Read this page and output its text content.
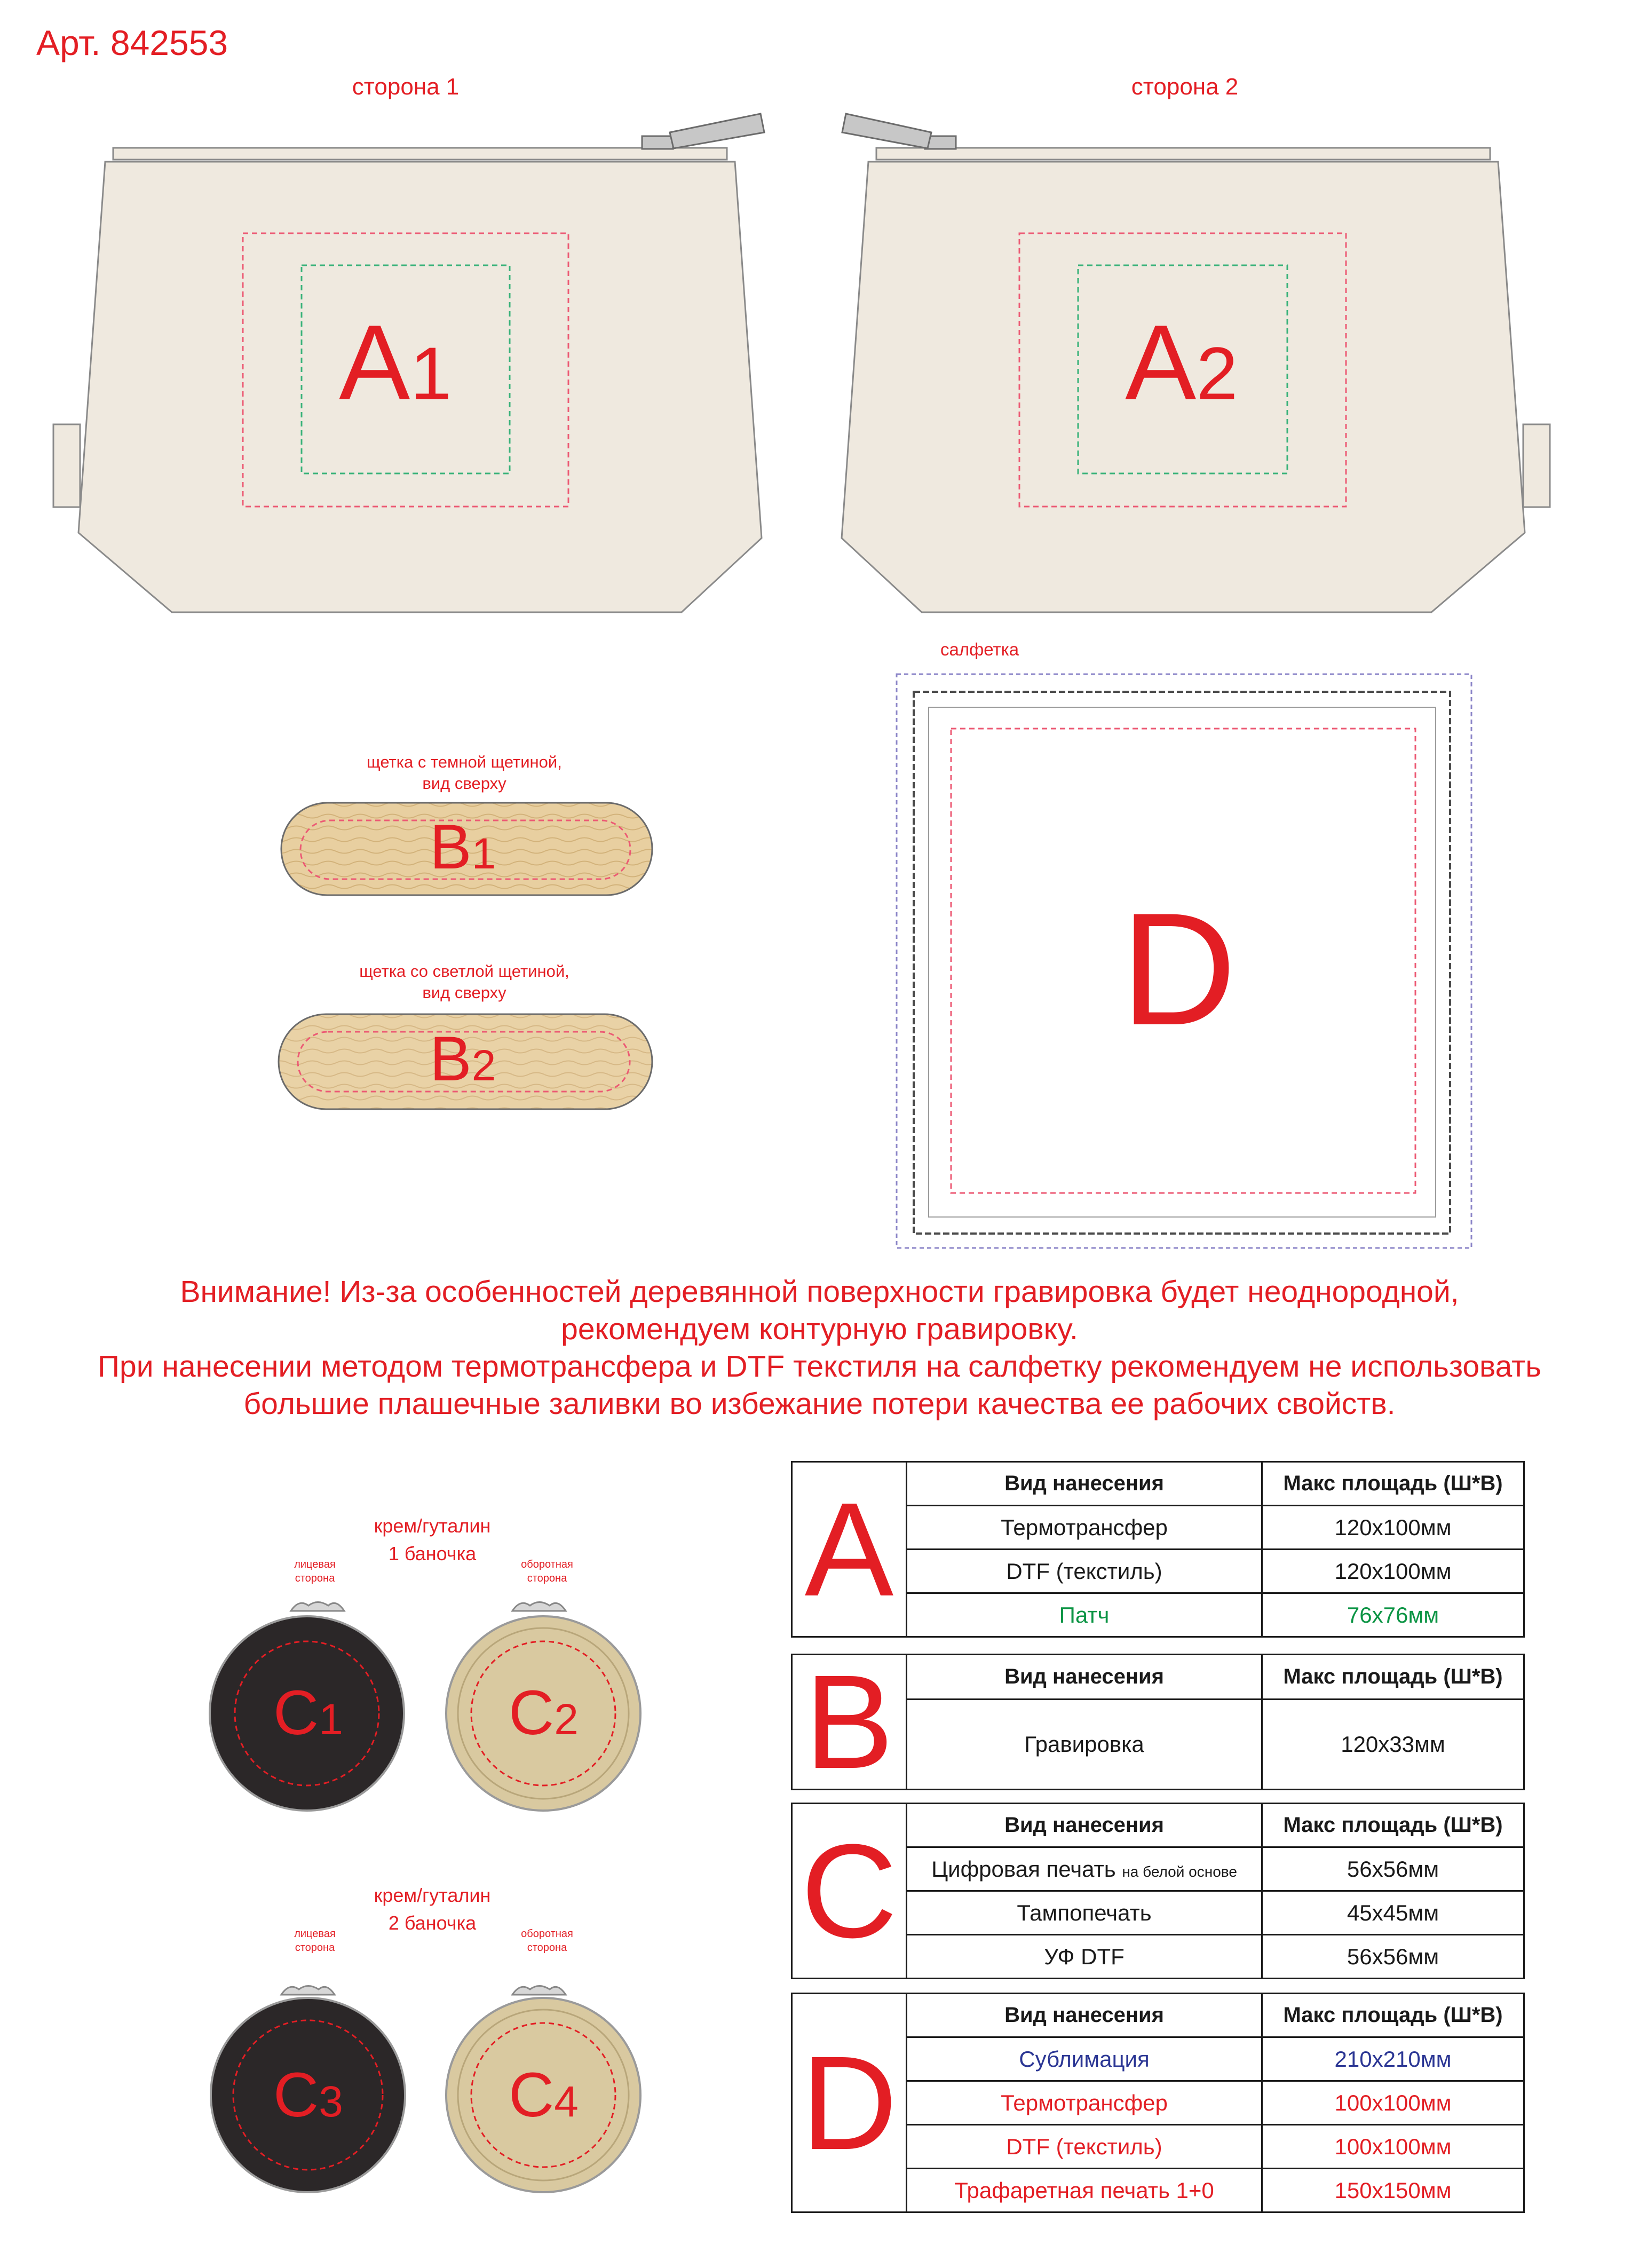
Арт. 842553
сторона 1	сторона 2
A1	A2
щетка с темной щетиной,
вид сверху
B1
щетка со светлой щетиной,
вид сверху
B2
салфетка
D
Внимание! Из-за особенностей деревянной поверхности гравировка будет неоднородной,
рекомендуем контурную гравировку.
При нанесении методом термотрансфера и DTF текстиля на салфетку рекомендуем не использовать
большие плашечные заливки во избежание потери качества ее рабочих свойств.
крем/гуталин
1 баночка
лицевая
сторона
оборотная
сторона
крем/гуталин
2 баночка
лицевая
сторона
оборотная
сторона
C1	C2
C3	C4
A	Вид нанесения	Макс площадь (Ш*В)
	Термотрансфер	120x100мм
	DTF (текстиль)	120x100мм
	Патч	76x76мм
B	Вид нанесения	Макс площадь (Ш*В)
	Гравировка	120x33мм
C	Вид нанесения	Макс площадь (Ш*В)
	Цифровая печать на белой основе	56x56мм
	Тампопечать	45x45мм
	УФ DTF	56x56мм
D	Вид нанесения	Макс площадь (Ш*В)
	Сублимация	210x210мм
	Термотрансфер	100x100мм
	DTF (текстиль)	100x100мм
	Трафаретная печать 1+0	150x150мм
